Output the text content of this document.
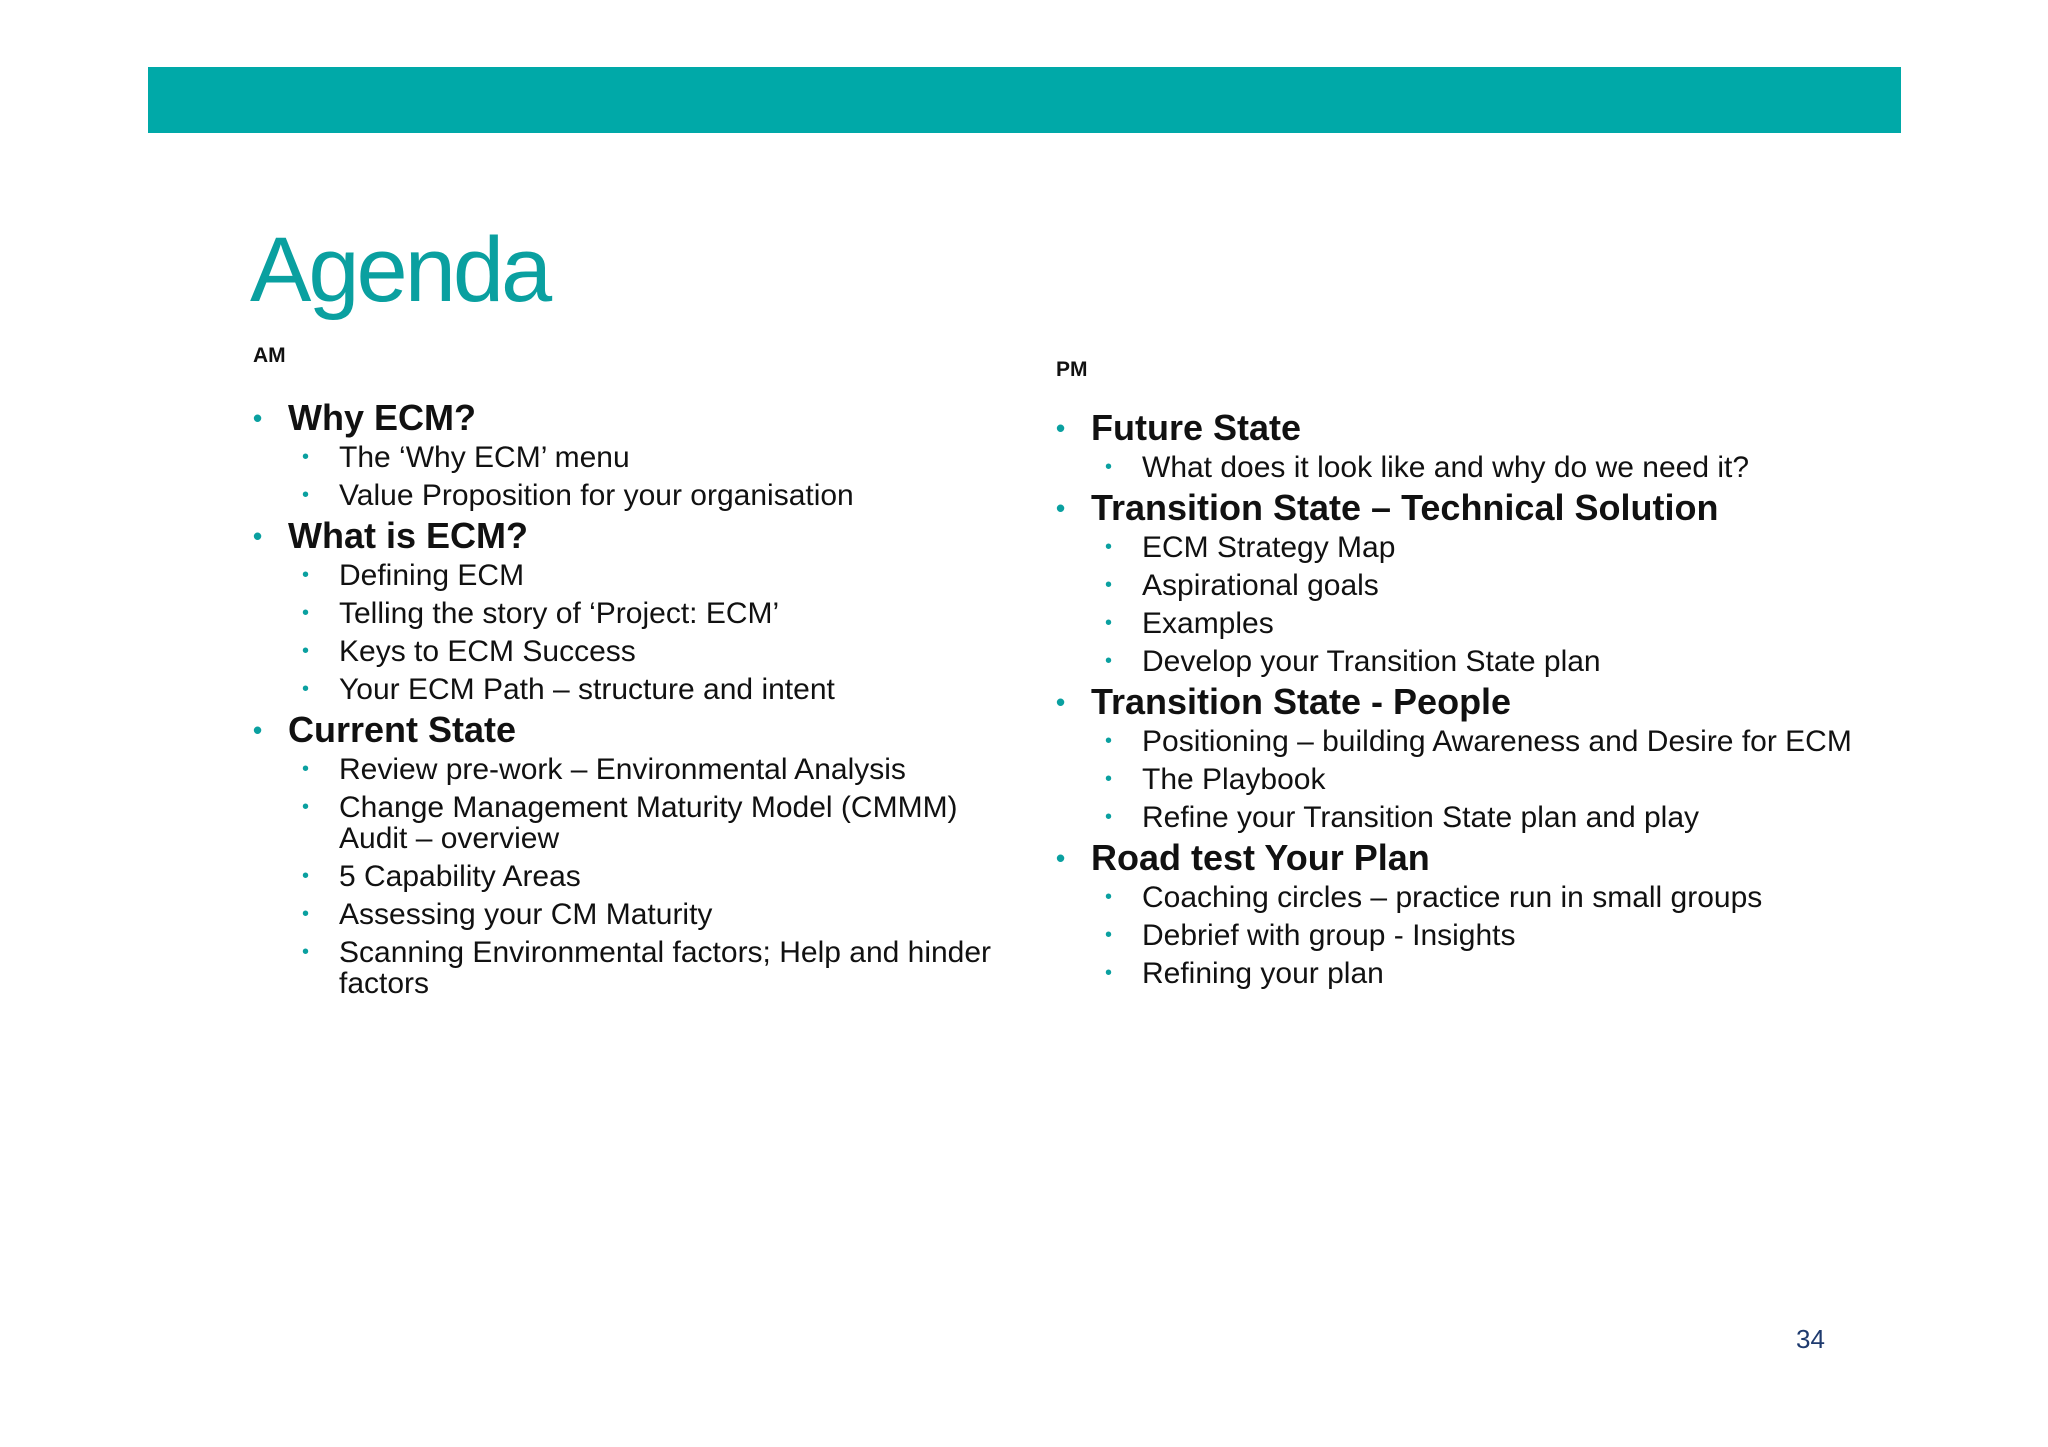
Agenda
AM
PM
• Why ECM?
• The ‘Why ECM’ menu
• Value Proposition for your organisation
• What is ECM?
• Defining ECM
• Telling the story of ‘Project: ECM’
• Keys to ECM Success
• Your ECM Path – structure and intent
• Current State
• Review pre-work – Environmental Analysis
• Change Management Maturity Model (CMMM) Audit – overview
• 5 Capability Areas
• Assessing your CM Maturity
• Scanning Environmental factors; Help and hinder factors
• Future State
• What does it look like and why do we need it?
• Transition State – Technical Solution
• ECM Strategy Map
• Aspirational goals
• Examples
• Develop your Transition State plan
• Transition State - People
• Positioning – building Awareness and Desire for ECM
• The Playbook
• Refine your Transition State plan and play
• Road test Your Plan
• Coaching circles – practice run in small groups
• Debrief with group - Insights
• Refining your plan
34
